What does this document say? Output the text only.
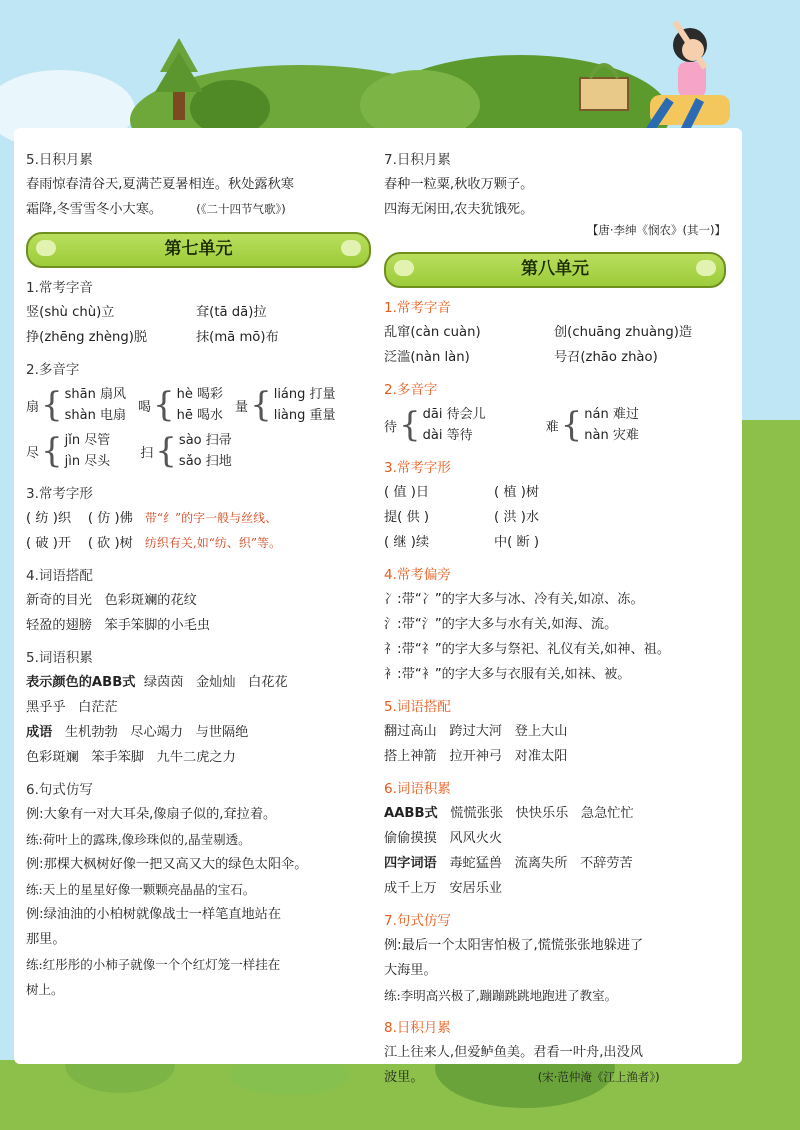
5.日积月累
春雨惊春清谷天,夏满芒夏暑相连。秋处露秋寒
霜降,冬雪雪冬小大寒。	(《二十四节气歌》)
第七单元
1.常考字音
竖(shù chù)立	耷(tā dā)拉
挣(zhēng zhèng)脱	抹(mā mō)布
2.多音字
扇 { shān 扇风
shàn 电扇
喝 { hè 喝彩
hē 喝水
量 { liáng 打量
liàng 重量
尽 { jǐn 尽管
jìn 尽头
扫 { sào 扫帚
sǎo 扫地
3.常考字形
( 纺 )织    ( 仿 )佛
( 破 )开    ( 砍 )树
带“纟”的字一般与丝线、
纺织有关,如“纺、织”等。
4.词语搭配
新奇的目光   色彩斑斓的花纹
轻盈的翅膀   笨手笨脚的小毛虫
5.词语积累
表示颜色的ABB式  绿茵茵   金灿灿   白花花
黑乎乎   白茫茫
成语   生机勃勃   尽心竭力   与世隔绝
色彩斑斓   笨手笨脚   九牛二虎之力
6.句式仿写
例:大象有一对大耳朵,像扇子似的,耷拉着。
练:荷叶上的露珠,像珍珠似的,晶莹剔透。
例:那棵大枫树好像一把又高又大的绿色太阳伞。
练:天上的星星好像一颗颗亮晶晶的宝石。
例:绿油油的小柏树就像战士一样笔直地站在
那里。
练:红彤彤的小柿子就像一个个红灯笼一样挂在
树上。
7.日积月累
春种一粒粟,秋收万颗子。
四海无闲田,农夫犹饿死。
【唐·李绅《悯农》(其一)】
第八单元
1.常考字音
乱窜(càn cuàn)	创(chuāng zhuàng)造
泛滥(nàn làn)	号召(zhāo zhào)
2.多音字
待 { dāi 待会儿
dài 等待
难 { nán 难过
nàn 灾难
3.常考字形
( 值 )日	( 植 )树
提( 供 )	( 洪 )水
( 继 )续	中( 断 )
4.常考偏旁
冫:带“冫”的字大多与冰、冷有关,如凉、冻。
氵:带“氵”的字大多与水有关,如海、流。
礻:带“礻”的字大多与祭祀、礼仪有关,如神、祖。
衤:带“衤”的字大多与衣服有关,如袜、被。
5.词语搭配
翻过高山   跨过大河   登上大山
搭上神箭   拉开神弓   对准太阳
6.词语积累
AABB式   慌慌张张   快快乐乐   急急忙忙
偷偷摸摸   风风火火
四字词语   毒蛇猛兽   流离失所   不辞劳苦
成千上万   安居乐业
7.句式仿写
例:最后一个太阳害怕极了,慌慌张张地躲进了
大海里。
练:李明高兴极了,蹦蹦跳跳地跑进了教室。
8.日积月累
江上往来人,但爱鲈鱼美。君看一叶舟,出没风
波里。	(宋·范仲淹《江上渔者》)
